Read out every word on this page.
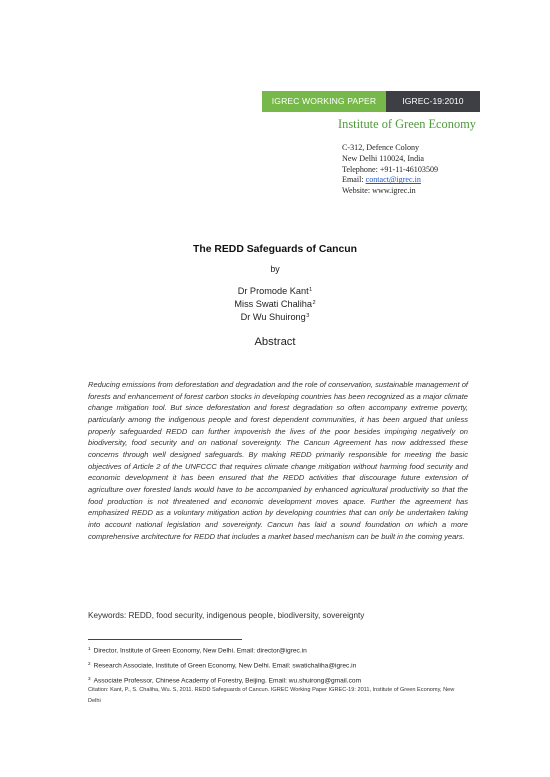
IGREC WORKING PAPER	IGREC-19:2010
Institute of Green Economy
C-312, Defence Colony
New Delhi 110024, India
Telephone: +91-11-46103509
Email: contact@igrec.in
Website: www.igrec.in
The REDD Safeguards of Cancun
by
Dr Promode Kant$^1$
Miss Swati Chaliha$^2$
Dr Wu Shuirong$^3$
Abstract
Reducing emissions from deforestation and degradation and the role of conservation, sustainable management of forests and enhancement of forest carbon stocks in developing countries has been recognized as a major climate change mitigation tool. But since deforestation and forest degradation so often accompany extreme poverty, particularly among the indigenous people and forest dependent communities, it has been argued that unless properly safeguarded REDD can further impoverish the lives of the poor besides impinging negatively on biodiversity, food security and on national sovereignty. The Cancun Agreement has now addressed these concerns through well designed safeguards. By making REDD primarily responsible for meeting the basic objectives of Article 2 of the UNFCCC that requires climate change mitigation without harming food security and economic development it has been ensured that the REDD activities that discourage future extension of agriculture over forested lands would have to be accompanied by enhanced agricultural productivity so that the food production is not threatened and economic development moves apace. Further the agreement has emphasized REDD as a voluntary mitigation action by developing countries that can only be undertaken taking into account national legislation and sovereignty. Cancun has laid a sound foundation on which a more comprehensive architecture for REDD that includes a market based mechanism can be built in the coming years.
Keywords: REDD, food security, indigenous people, biodiversity, sovereignty
$^1$ Director, Institute of Green Economy, New Delhi. Email: director@igrec.in
$^2$ Research Associate, Institute of Green Economy, New Delhi. Email: swatichaliha@igrec.in
$^3$ Associate Professor, Chinese Academy of Forestry, Beijing. Email: wu.shuirong@gmail.com
Citation: Kant, P., S. Chaliha, Wu. S, 2011. REDD Safeguards of Cancun. IGREC Working Paper IGREC-19: 2011, Institute of Green Economy, New Delhi
